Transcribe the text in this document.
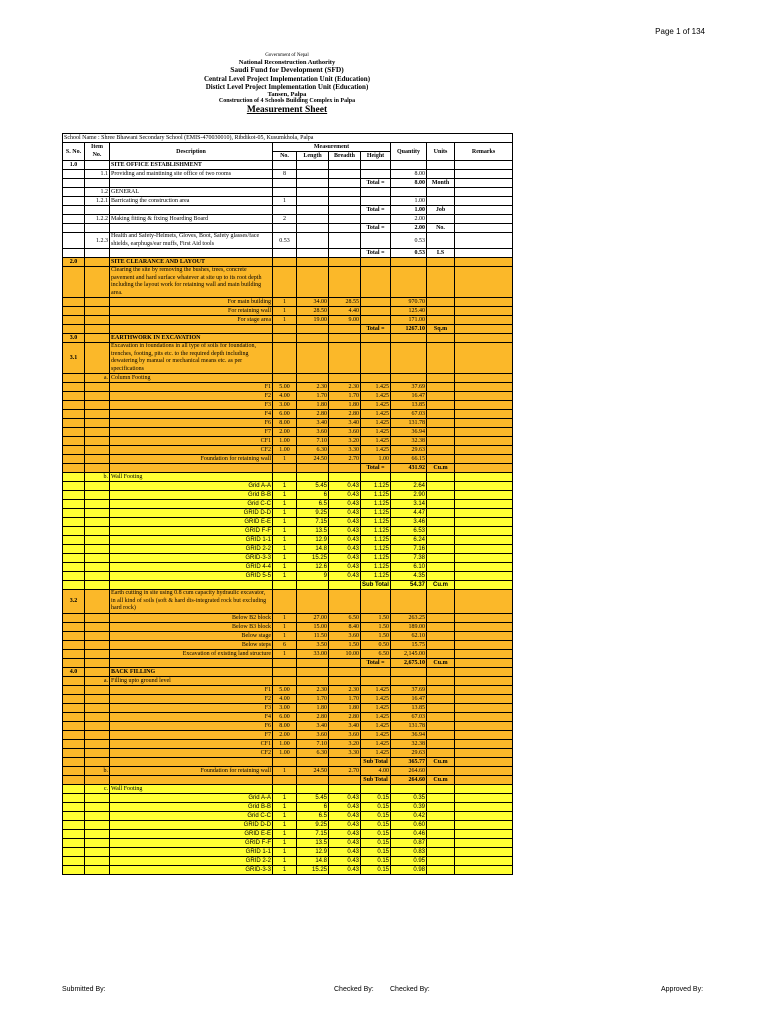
Page 1 of 134
Government of Nepal
National Reconstruction Authority
Saudi Fund for Development (SFD)
Central Level Project Implementation Unit (Education)
Distict Level Project Implementation Unit (Education)
Tansen, Palpa
Construction of 4 Schools Building Complex in Palpa
Measurement Sheet
School Name : Shree Bhawani Secondary School (EMIS-470030010), Ribdikot-05, Kusumkhola, Palpa									
S. No.	Item No.	Description	Measurement				Quantity	Units	Remarks
			No.	Length	Breadth	Height			
1.0		SITE OFFICE ESTABLISHMENT							
	1.1	Providing and maintining site office of two rooms	8				8.00		
						Total =	8.00	Month	
	1.2	GENERAL							
	1.2.1	Barricating the construction area	1				1.00		
						Total =	1.00	Job	
	1.2.2	Making fitting & fixing Hoarding Board	2				2.00		
						Total =	2.00	No.	
	1.2.3	Health and Safety-Helmets, Gloves, Boot, Safety glasses/face shields, earphugs/ear muffs, First Aid tools	0.53				0.53		
						Total =	0.53	LS	
2.0		SITE CLEARANCE AND LAYOUT							
		Clearing the site by removing the bushes, trees, concrete pavement and hard surface whatever at site up to its root depth including the layout work for retaining wall and main building area.							
		For main building	1	34.00	28.55		970.70		
		For retaining wall	1	28.50	4.40		125.40		
		For stage area	1	19.00	9.00		171.00		
						Total =	1267.10	Sq.m	
3.0		EARTHWORK IN EXCAVATION							
3.1		Excavation in foundations in all type of soils for foundation, trenches, footing, pits etc. to the required depth including dewatering by manual or mechanical means etc. as per specifications							
	a.	Column Footing							
		F1	5.00	2.30	2.30	1.425	37.69		
		F2	4.00	1.70	1.70	1.425	16.47		
		F3	3.00	1.80	1.80	1.425	13.85		
		F4	6.00	2.80	2.80	1.425	67.03		
		F6	8.00	3.40	3.40	1.425	131.78		
		F7	2.00	3.60	3.60	1.425	36.94		
		CF1	1.00	7.10	3.20	1.425	32.38		
		CF2	1.00	6.30	3.30	1.425	29.63		
		Foundation for retaining wall	1	24.50	2.70	1.00	66.15		
						Total =	431.92	Cu.m	
	b.	Wall Footing							
		Grid A-A	1	5.45	0.43	1.125	2.64		
		Grid B-B	1	6	0.43	1.125	2.90		
		Grid C-C	1	6.5	0.43	1.125	3.14		
		GRID D-D	1	9.25	0.43	1.125	4.47		
		GRID E-E	1	7.15	0.43	1.125	3.46		
		GRID F-F	1	13.5	0.43	1.125	6.53		
		GRID 1-1	1	12.9	0.43	1.125	6.24		
		GRID 2-2	1	14.8	0.43	1.125	7.16		
		GRID-3-3	1	15.25	0.43	1.125	7.38		
		GRID 4-4	1	12.6	0.43	1.125	6.10		
		GRID 5-5	1	9	0.43	1.125	4.35		
						Sub Total	54.37	Cu.m	
3.2		Earth cutting in site using 0.8 cum capacity hydraulic excavator, in all kind of soils (soft & hard dis-integrated rock but excluding hard rock)							
		Below B2 block	1	27.00	6.50	1.50	263.25		
		Below B3 block	1	15.00	8.40	1.50	189.00		
		Below stage	1	11.50	3.60	1.50	62.10		
		Below steps	6	3.50	1.50	0.50	15.75		
		Excavation of existing land structure	1	33.00	10.00	6.50	2,145.00		
						Total =	2,675.10	Cu.m	
4.0		BACK FILLING							
	a.	Filling upto ground level							
		F1	5.00	2.30	2.30	1.425	37.69		
		F2	4.00	1.70	1.70	1.425	16.47		
		F3	3.00	1.80	1.80	1.425	13.85		
		F4	6.00	2.80	2.80	1.425	67.03		
		F6	8.00	3.40	3.40	1.425	131.78		
		F7	2.00	3.60	3.60	1.425	36.94		
		CF1	1.00	7.10	3.20	1.425	32.38		
		CF2	1.00	6.30	3.30	1.425	29.63		
						Sub Total	365.77	Cu.m	
	b.	Foundation for retaining wall	1	24.50	2.70	4.00	264.60		
						Sub Total	264.60	Cu.m	
	c.	Wall Footing							
		Grid A-A	1	5.45	0.43	0.15	0.35		
		Grid B-B	1	6	0.43	0.15	0.39		
		Grid C-C	1	6.5	0.43	0.15	0.42		
		GRID D-D	1	9.25	0.43	0.15	0.60		
		GRID E-E	1	7.15	0.43	0.15	0.46		
		GRID F-F	1	13.5	0.43	0.15	0.87		
		GRID 1-1	1	12.9	0.43	0.15	0.83		
		GRID 2-2	1	14.8	0.43	0.15	0.95		
		GRID-3-3	1	15.25	0.43	0.15	0.98		
Submitted By:	Checked By: Checked By:	Approved By:
